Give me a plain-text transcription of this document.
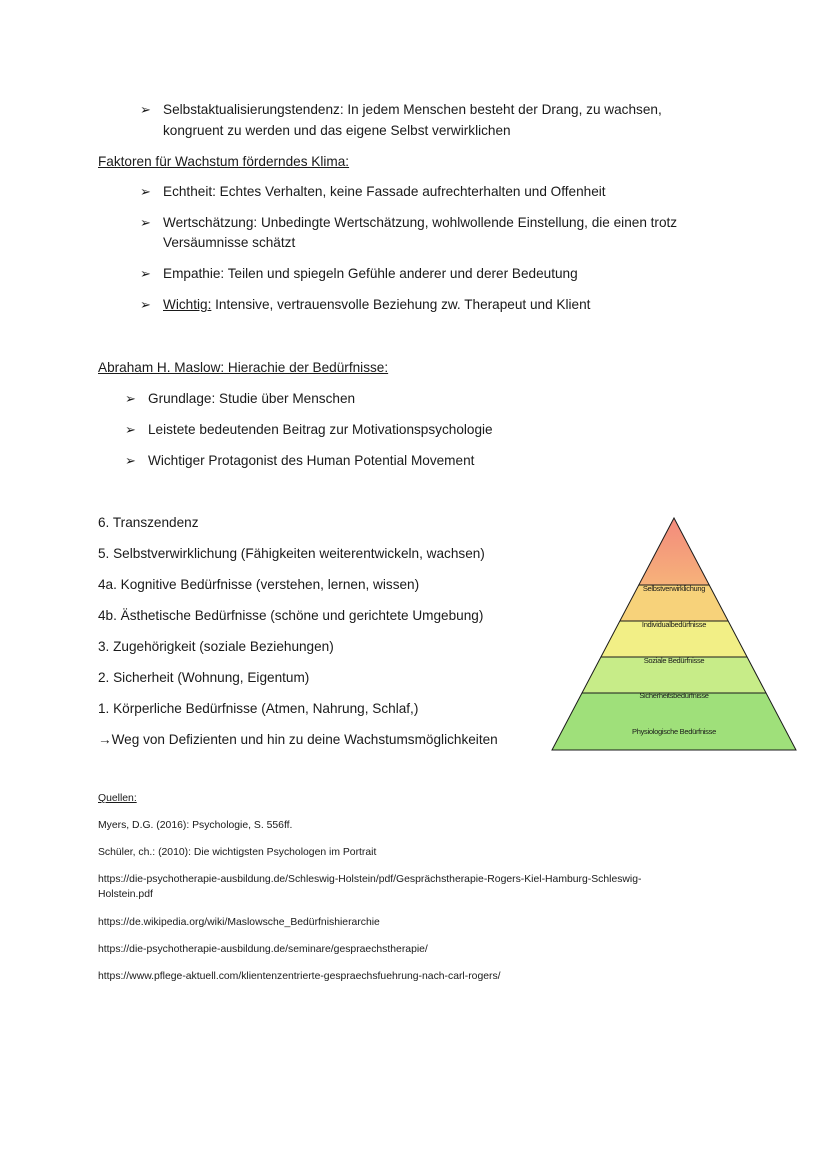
➢ Selbstaktualisierungstendenz: In jedem Menschen besteht der Drang, zu wachsen,
kongruent zu werden und das eigene Selbst verwirklichen
Faktoren für Wachstum förderndes Klima:
➢ Echtheit: Echtes Verhalten, keine Fassade aufrechterhalten und Offenheit
➢ Wertschätzung: Unbedingte Wertschätzung, wohlwollende Einstellung, die einen trotz
Versäumnisse schätzt
➢ Empathie: Teilen und spiegeln Gefühle anderer und derer Bedeutung
➢ Wichtig: Intensive, vertrauensvolle Beziehung zw. Therapeut und Klient
Abraham H. Maslow: Hierachie der Bedürfnisse:
➢ Grundlage: Studie über Menschen
➢ Leistete bedeutenden Beitrag zur Motivationspsychologie
➢ Wichtiger Protagonist des Human Potential Movement
6. Transzendenz
5. Selbstverwirklichung (Fähigkeiten weiterentwickeln, wachsen)
4a. Kognitive Bedürfnisse (verstehen, lernen, wissen)
4b. Ästhetische Bedürfnisse (schöne und gerichtete Umgebung)
3. Zugehörigkeit (soziale Beziehungen)
2. Sicherheit (Wohnung, Eigentum)
1. Körperliche Bedürfnisse (Atmen, Nahrung, Schlaf,)
→Weg von Defizienten und hin zu deine Wachstumsmöglichkeiten
Selbstverwirklichung
Individualbedürfnisse
Soziale Bedürfnisse
Sicherheitsbedürfnisse
Physiologische Bedürfnisse
Quellen:
Myers, D.G. (2016): Psychologie, S. 556ff.
Schüler, ch.: (2010): Die wichtigsten Psychologen im Portrait
https://die-psychotherapie-ausbildung.de/Schleswig-Holstein/pdf/Gesprächstherapie-Rogers-Kiel-Hamburg-Schleswig-
Holstein.pdf
https://de.wikipedia.org/wiki/Maslowsche_Bedürfnishierarchie
https://die-psychotherapie-ausbildung.de/seminare/gespraechstherapie/
https://www.pflege-aktuell.com/klientenzentrierte-gespraechsfuehrung-nach-carl-rogers/
